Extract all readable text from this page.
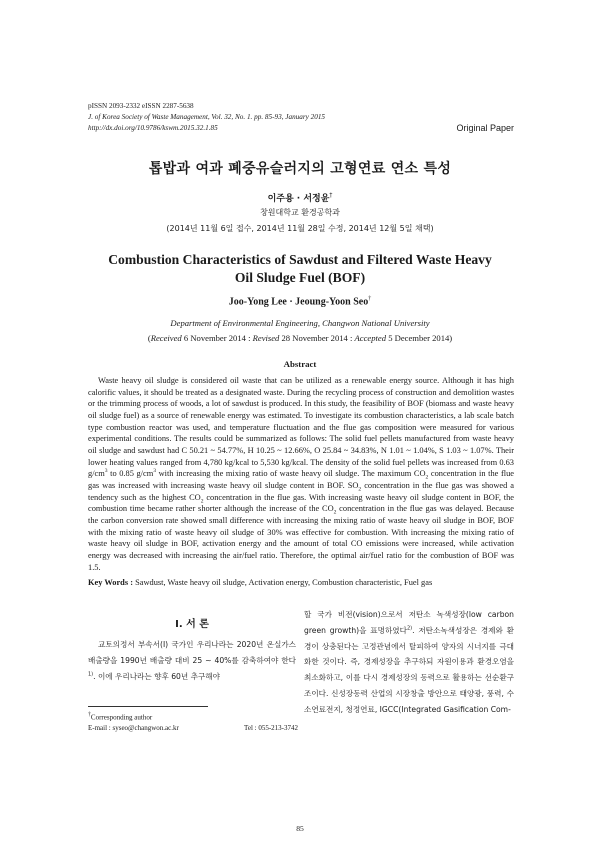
pISSN 2093-2332 eISSN 2287-5638
J. of Korea Society of Waste Management, Vol. 32, No. 1. pp. 85-93, January 2015
http://dx.doi.org/10.9786/kswm.2015.32.1.85	Original Paper
톱밥과 여과 폐중유슬러지의 고형연료 연소 특성
이주용 · 서정윤†
창원대학교 환경공학과
(2014년 11월 6일 접수, 2014년 11월 28일 수정, 2014년 12월 5일 채택)
Combustion Characteristics of Sawdust and Filtered Waste Heavy
Oil Sludge Fuel (BOF)
Joo-Yong Lee · Jeoung-Yoon Seo†
Department of Environmental Engineering, Changwon National University
(Received 6 November 2014 : Revised 28 November 2014 : Accepted 5 December 2014)
Abstract

Waste heavy oil sludge is considered oil waste that can be utilized as a renewable energy source. Although it has high calorific values, it should be treated as a designated waste. During the recycling process of construction and demolition wastes or the trimming process of woods, a lot of sawdust is produced. In this study, the feasibility of BOF (biomass and waste heavy oil sludge fuel) as a source of renewable energy was estimated. To investigate its combustion characteristics, a lab scale batch type combustion reactor was used, and temperature fluctuation and the flue gas composition were measured for various experimental conditions. The results could be summarized as follows: The solid fuel pellets manufactured from waste heavy oil sludge and sawdust had C 50.21 ~ 54.77%, H 10.25 ~ 12.66%, O 25.84 ~ 34.83%, N 1.01 ~ 1.04%, S 1.03 ~ 1.07%. Their lower heating values ranged from 4,780 kg/kcal to 5,530 kg/kcal. The density of the solid fuel pellets was increased from 0.63 $g/cm^3$ to 0.85 $g/cm^3$ with increasing the mixing ratio of waste heavy oil sludge. The maximum $CO_2$ concentration in the flue gas was increased with increasing waste heavy oil sludge content in BOF. $SO_2$ concentration in the flue gas was showed a tendency such as the highest $CO_2$ concentration in the flue gas. With increasing waste heavy oil sludge content in BOF, the combustion time became rather shorter although the increase of the $CO_2$ concentration in the flue gas was delayed. Because the carbon conversion rate showed small difference with increasing the mixing ratio of waste heavy oil sludge in BOF, BOF with the mixing ratio of waste heavy oil sludge of 30% was effective for combustion. With increasing the mixing ratio of waste heavy oil sludge in BOF, activation energy and the amount of total CO emissions were increased, while activation energy was decreased with increasing the air/fuel ratio. Therefore, the optimal air/fuel ratio for the combustion of BOF was 1.5.

Key Words : Sawdust, Waste heavy oil sludge, Activation energy, Combustion characteristic, Fuel gas
I. 서 론
교토의정서 부속서(I) 국가인 우리나라는 2020년 온실가스 배출량을 1990년 배출량 대비 25 ~ 40%를 감축하여야 한다$^{1)}$. 이에 우리나라는 향후 60년 추구해야
할 국가 비전(vision)으로서 저탄소 녹색성장(low carbon green growth)을 표명하였다$^{2)}$. 저탄소녹색성장은 경제와 환경이 상충된다는 고정관념에서 탈피하여 양자의 시너지를 극대화한 것이다. 즉, 경제성장을 추구하되 자원이용과 환경오염을 최소화하고, 이를 다시 경제성장의 동력으로 활용하는 선순환구조이다. 신성장동력 산업의 시장창출 방안으로 태양광, 풍력, 수소연료전지, 청정연료, IGCC(Integrated Gasification Com-
†Corresponding author
E-mail : syseo@changwon.ac.kr	Tel : 055-213-3742
85
